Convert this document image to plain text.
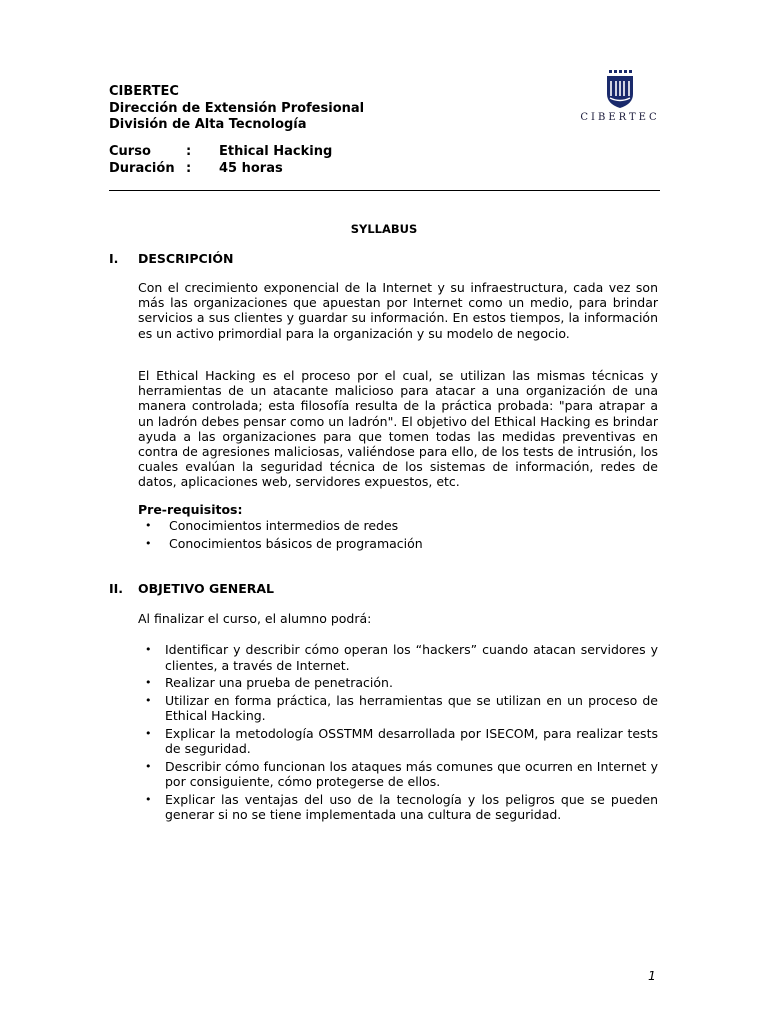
CIBERTEC
Dirección de Extensión Profesional
División de Alta Tecnología	CIBERTEC
Curso	:	Ethical Hacking
Duración :	45 horas
SYLLABUS
I.	DESCRIPCIÓN
Con el crecimiento exponencial de la Internet y su infraestructura, cada vez son más las organizaciones que apuestan por Internet como un medio, para brindar servicios a sus clientes y guardar su información. En estos tiempos, la información es un activo primordial para la organización y su modelo de negocio.
El Ethical Hacking es el proceso por el cual, se utilizan las mismas técnicas y herramientas de un atacante malicioso para atacar a una organización de una manera controlada; esta filosofía resulta de la práctica probada: "para atrapar a un ladrón debes pensar como un ladrón". El objetivo del Ethical Hacking es brindar ayuda a las organizaciones para que tomen todas las medidas preventivas en contra de agresiones maliciosas, valiéndose para ello, de los tests de intrusión, los cuales evalúan la seguridad técnica de los sistemas de información, redes de datos, aplicaciones web, servidores expuestos, etc.
Pre-requisitos:
•	Conocimientos intermedios de redes
•	Conocimientos básicos de programación
II.	OBJETIVO GENERAL
Al finalizar el curso, el alumno podrá:
•	Identificar y describir cómo operan los “hackers” cuando atacan servidores y clientes, a través de Internet.
•	Realizar una prueba de penetración.
•	Utilizar en forma práctica, las herramientas que se utilizan en un proceso de Ethical Hacking.
•	Explicar la metodología OSSTMM desarrollada por ISECOM, para realizar tests de seguridad.
•	Describir cómo funcionan los ataques más comunes que ocurren en Internet y por consiguiente, cómo protegerse de ellos.
•	Explicar las ventajas del uso de la tecnología y los peligros que se pueden generar si no se tiene implementada una cultura de seguridad.
1
